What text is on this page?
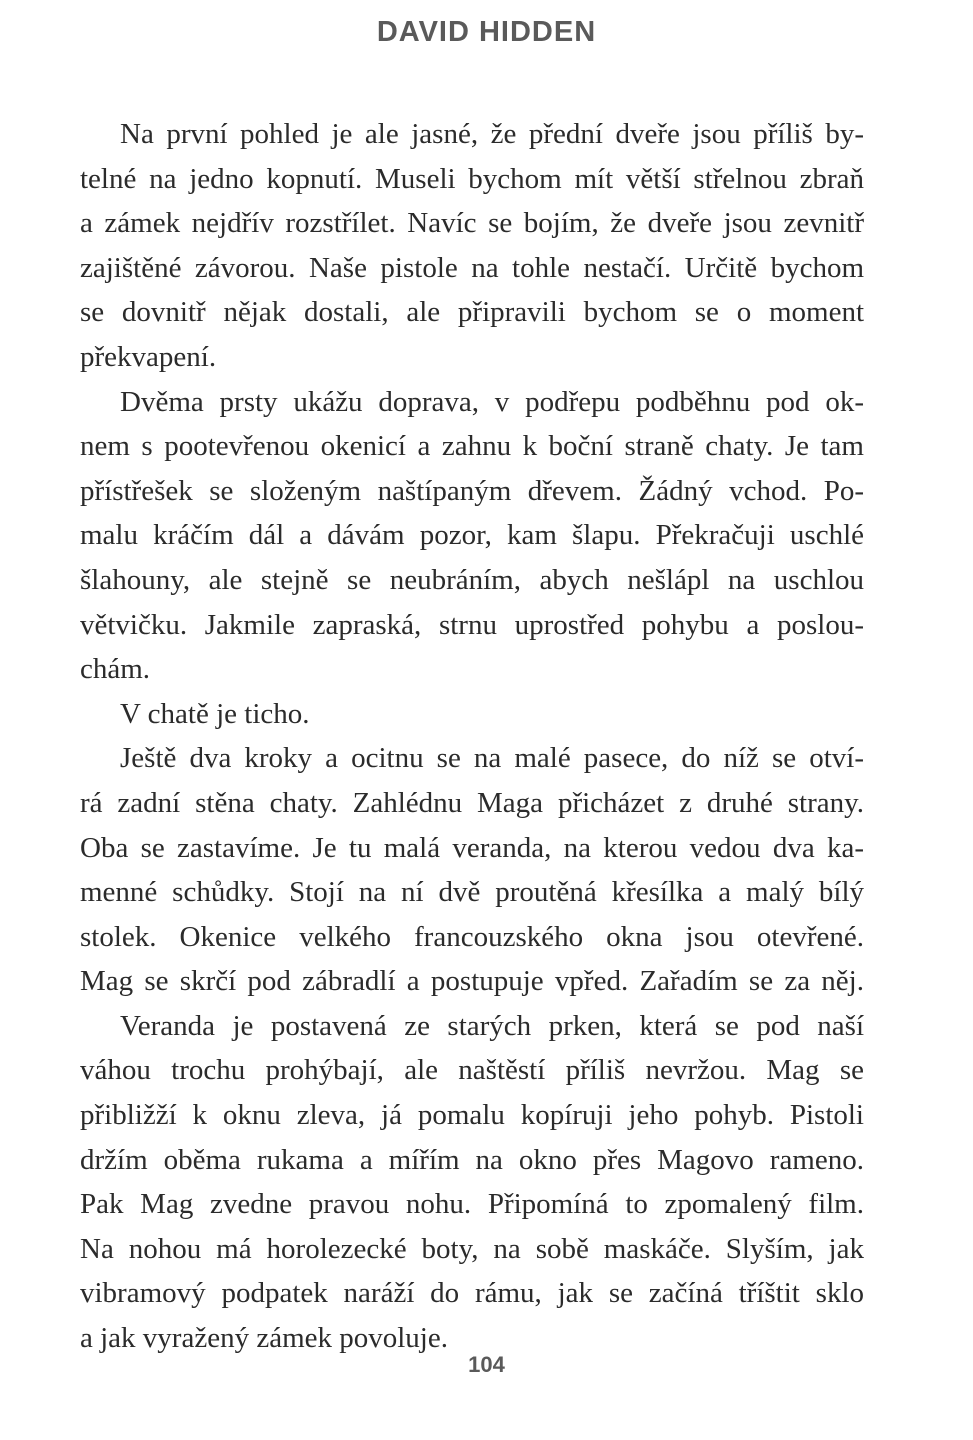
DAVID HIDDEN
Na první pohled je ale jasné, že přední dveře jsou příliš by-
telné na jedno kopnutí. Museli bychom mít větší střelnou zbraň
a zámek nejdřív rozstřílet. Navíc se bojím, že dveře jsou zevnitř
zajištěné závorou. Naše pistole na tohle nestačí. Určitě bychom
se dovnitř nějak dostali, ale připravili bychom se o moment
překvapení.
Dvěma prsty ukážu doprava, v podřepu podběhnu pod ok-
nem s pootevřenou okenicí a zahnu k boční straně chaty. Je tam
přístřešek se složeným naštípaným dřevem. Žádný vchod. Po-
malu kráčím dál a dávám pozor, kam šlapu. Překračuji uschlé
šlahouny, ale stejně se neubráním, abych nešlápl na uschlou
větvičku. Jakmile zapraská, strnu uprostřed pohybu a poslou-
chám.
V chatě je ticho.
Ještě dva kroky a ocitnu se na malé pasece, do níž se otví-
rá zadní stěna chaty. Zahlédnu Maga přicházet z druhé strany.
Oba se zastavíme. Je tu malá veranda, na kterou vedou dva ka-
menné schůdky. Stojí na ní dvě proutěná křesílka a malý bílý
stolek. Okenice velkého francouzského okna jsou otevřené.
Mag se skrčí pod zábradlí a postupuje vpřed. Zařadím se za něj.
Veranda je postavená ze starých prken, která se pod naší
váhou trochu prohýbají, ale naštěstí příliš nevržou. Mag se
přibližží k oknu zleva, já pomalu kopíruji jeho pohyb. Pistoli
držím oběma rukama a mířím na okno přes Magovo rameno.
Pak Mag zvedne pravou nohu. Připomíná to zpomalený film.
Na nohou má horolezecké boty, na sobě maskáče. Slyším, jak
vibramový podpatek naráží do rámu, jak se začíná tříštit sklo
a jak vyražený zámek povoluje.
104
